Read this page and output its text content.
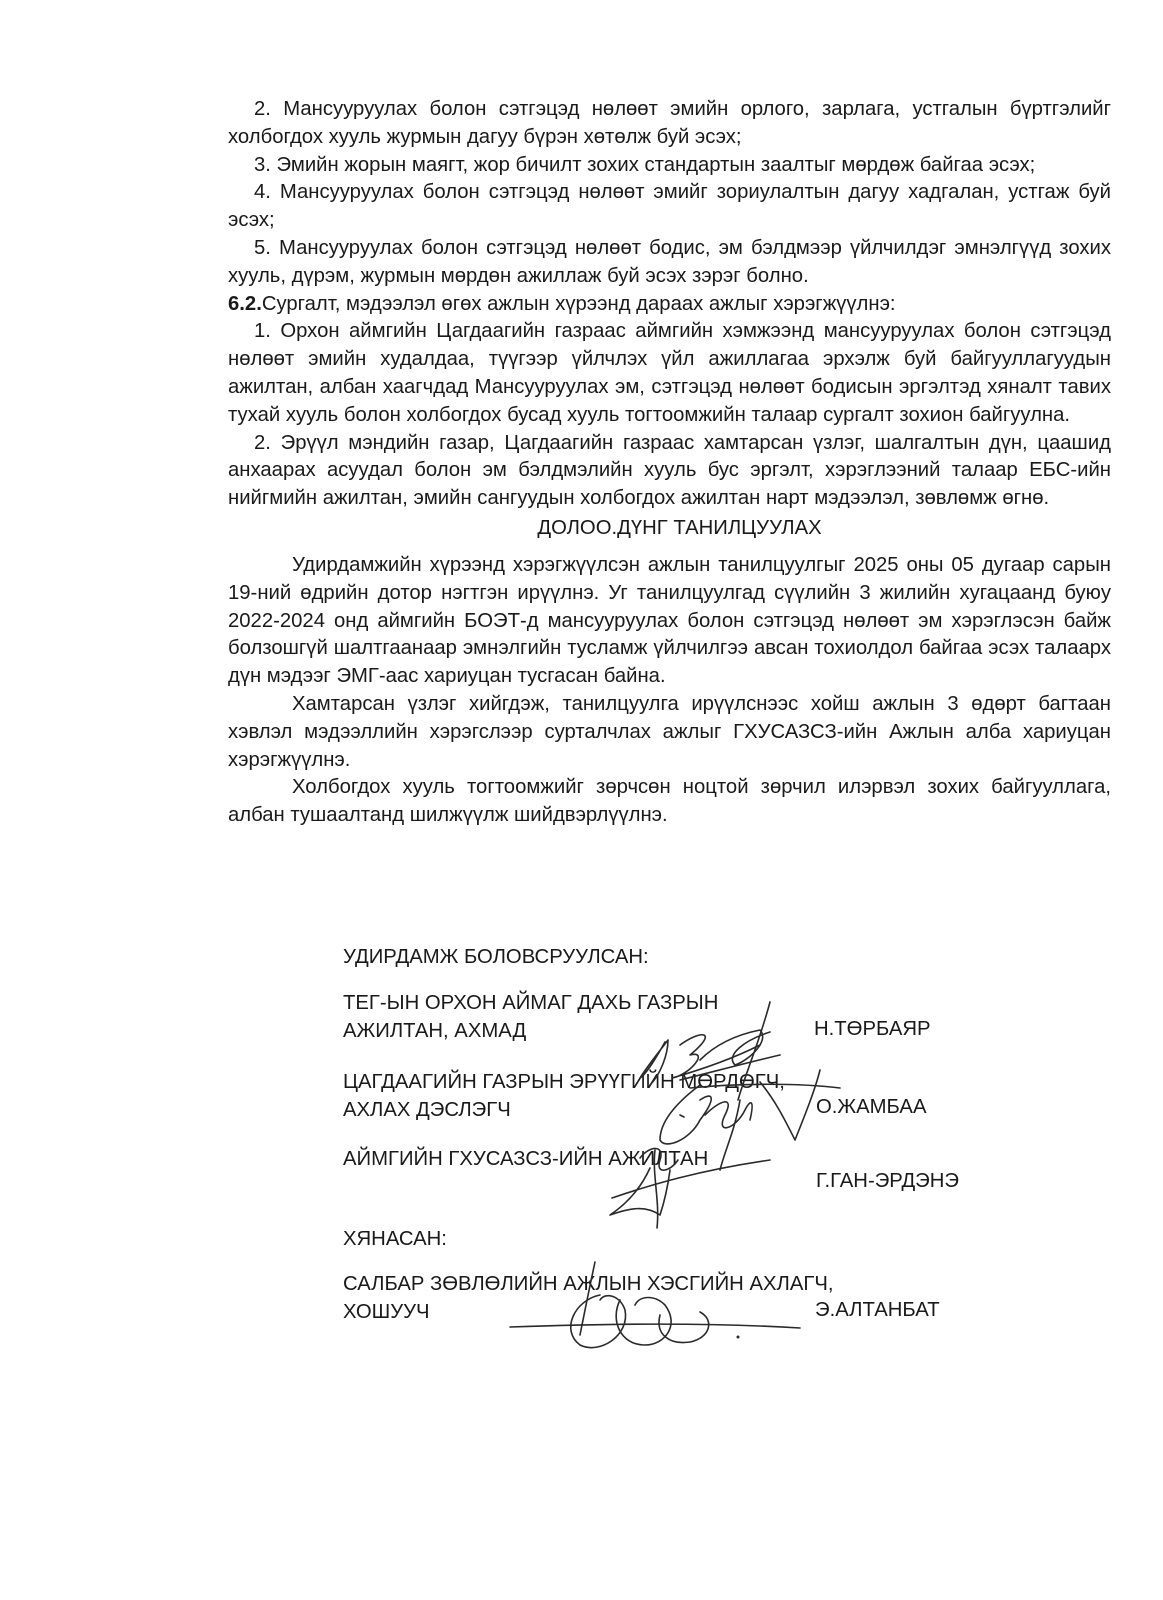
2. Мансууруулах болон сэтгэцэд нөлөөт эмийн орлого, зарлага, устгалын бүртгэлийг холбогдох хууль журмын дагуу бүрэн хөтөлж буй эсэх;

3. Эмийн жорын маягт, жор бичилт зохих стандартын заалтыг мөрдөж байгаа эсэх;

4. Мансууруулах болон сэтгэцэд нөлөөт эмийг зориулалтын дагуу хадгалан, устгаж буй эсэх;

5. Мансууруулах болон сэтгэцэд нөлөөт бодис, эм бэлдмээр үйлчилдэг эмнэлгүүд зохих хууль, дүрэм, журмын мөрдөн ажиллаж буй эсэх зэрэг болно.

6.2.Сургалт, мэдээлэл өгөх ажлын хүрээнд дараах ажлыг хэрэгжүүлнэ:

1. Орхон аймгийн Цагдаагийн газраас аймгийн хэмжээнд мансууруулах болон сэтгэцэд нөлөөт эмийн худалдаа, түүгээр үйлчлэх үйл ажиллагаа эрхэлж буй байгууллагуудын ажилтан, албан хаагчдад Мансууруулах эм, сэтгэцэд нөлөөт бодисын эргэлтэд хяналт тавих тухай хууль болон холбогдох бусад хууль тогтоомжийн талаар сургалт зохион байгуулна.

2. Эрүүл мэндийн газар, Цагдаагийн газраас хамтарсан үзлэг, шалгалтын дүн, цаашид анхаарах асуудал болон эм бэлдмэлийн хууль бус эргэлт, хэрэглээний талаар ЕБС-ийн нийгмийн ажилтан, эмийн сангуудын холбогдох ажилтан нарт мэдээлэл, зөвлөмж өгнө.

ДОЛОО.ДҮНГ ТАНИЛЦУУЛАХ

Удирдамжийн хүрээнд хэрэгжүүлсэн ажлын танилцуулгыг 2025 оны 05 дугаар сарын 19-ний өдрийн дотор нэгтгэн ирүүлнэ. Уг танилцуулгад сүүлийн 3 жилийн хугацаанд буюу 2022-2024 онд аймгийн БОЭТ-д мансууруулах болон сэтгэцэд нөлөөт эм хэрэглэсэн байж болзошгүй шалтгаанаар эмнэлгийн тусламж үйлчилгээ авсан тохиолдол байгаа эсэх талаарх дүн мэдээг ЭМГ-аас хариуцан тусгасан байна.

Хамтарсан үзлэг хийгдэж, танилцуулга ирүүлснээс хойш ажлын 3 өдөрт багтаан хэвлэл мэдээллийн хэрэгслээр сурталчлах ажлыг ГХУСАЗСЗ-ийн Ажлын алба хариуцан хэрэгжүүлнэ.

Холбогдох хууль тогтоомжийг зөрчсөн ноцтой зөрчил илэрвэл зохих байгууллага, албан тушаалтанд шилжүүлж шийдвэрлүүлнэ.

УДИРДАМЖ БОЛОВСРУУЛСАН:
ТЕГ-ЫН ОРХОН АЙМАГ ДАХЬ ГАЗРЫН
АЖИЛТАН, АХМАД	Н.ТӨРБАЯР
ЦАГДААГИЙН ГАЗРЫН ЭРҮҮГИЙН МӨРДӨГЧ,
АХЛАХ ДЭСЛЭГЧ	О.ЖАМБАА
АЙМГИЙН ГХУСАЗСЗ-ИЙН АЖИЛТАН
Г.ГАН-ЭРДЭНЭ
ХЯНАСАН:
САЛБАР ЗӨВЛӨЛИЙН АЖЛЫН ХЭСГИЙН АХЛАГЧ,
ХОШУУЧ	Э.АЛТАНБАТ
